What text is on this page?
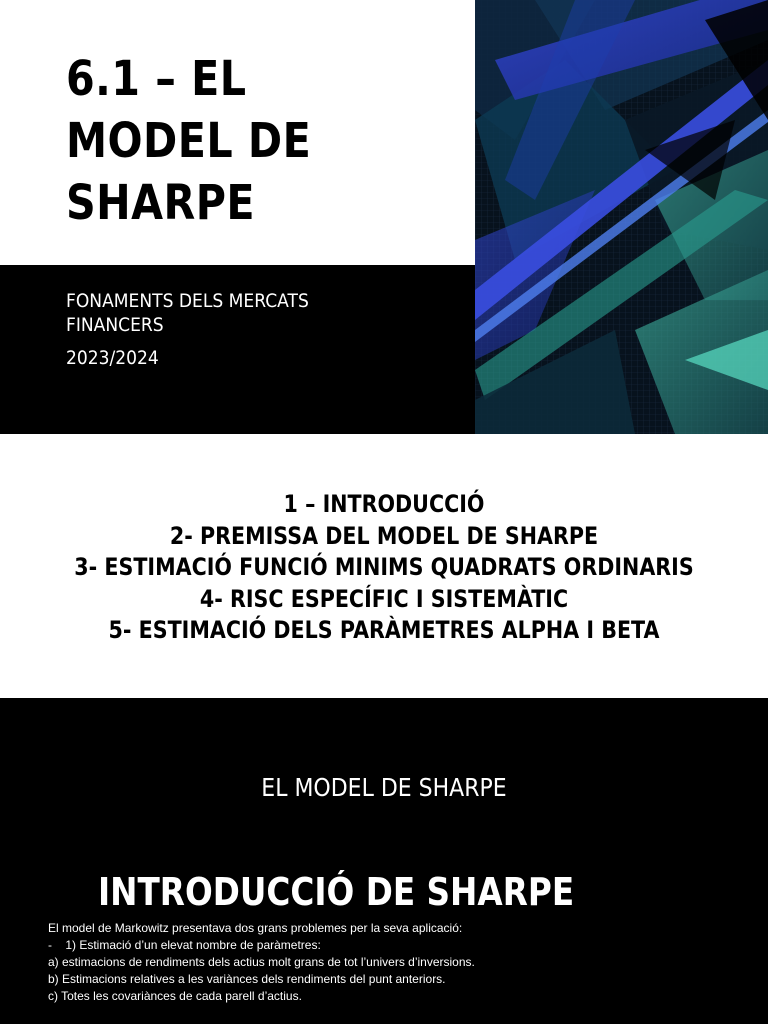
6.1 – EL
MODEL DE
SHARPE
FONAMENTS DELS MERCATS FINANCERS
2023/2024
1 – INTRODUCCIÓ
2- PREMISSA DEL MODEL DE SHARPE
3- ESTIMACIÓ FUNCIÓ MINIMS QUADRATS ORDINARIS
4- RISC ESPECÍFIC I SISTEMÀTIC
5- ESTIMACIÓ DELS PARÀMETRES ALPHA I BETA
EL MODEL DE SHARPE
INTRODUCCIÓ DE SHARPE
El model de Markowitz presentava dos grans problemes per la seva aplicació:
-    1) Estimació d’un elevat nombre de paràmetres:
a) estimacions de rendiments dels actius molt grans de tot l’univers d’inversions.
b) Estimacions relatives a les variànces dels rendiments del punt anteriors.
c) Totes les covariànces de cada parell d’actius.
